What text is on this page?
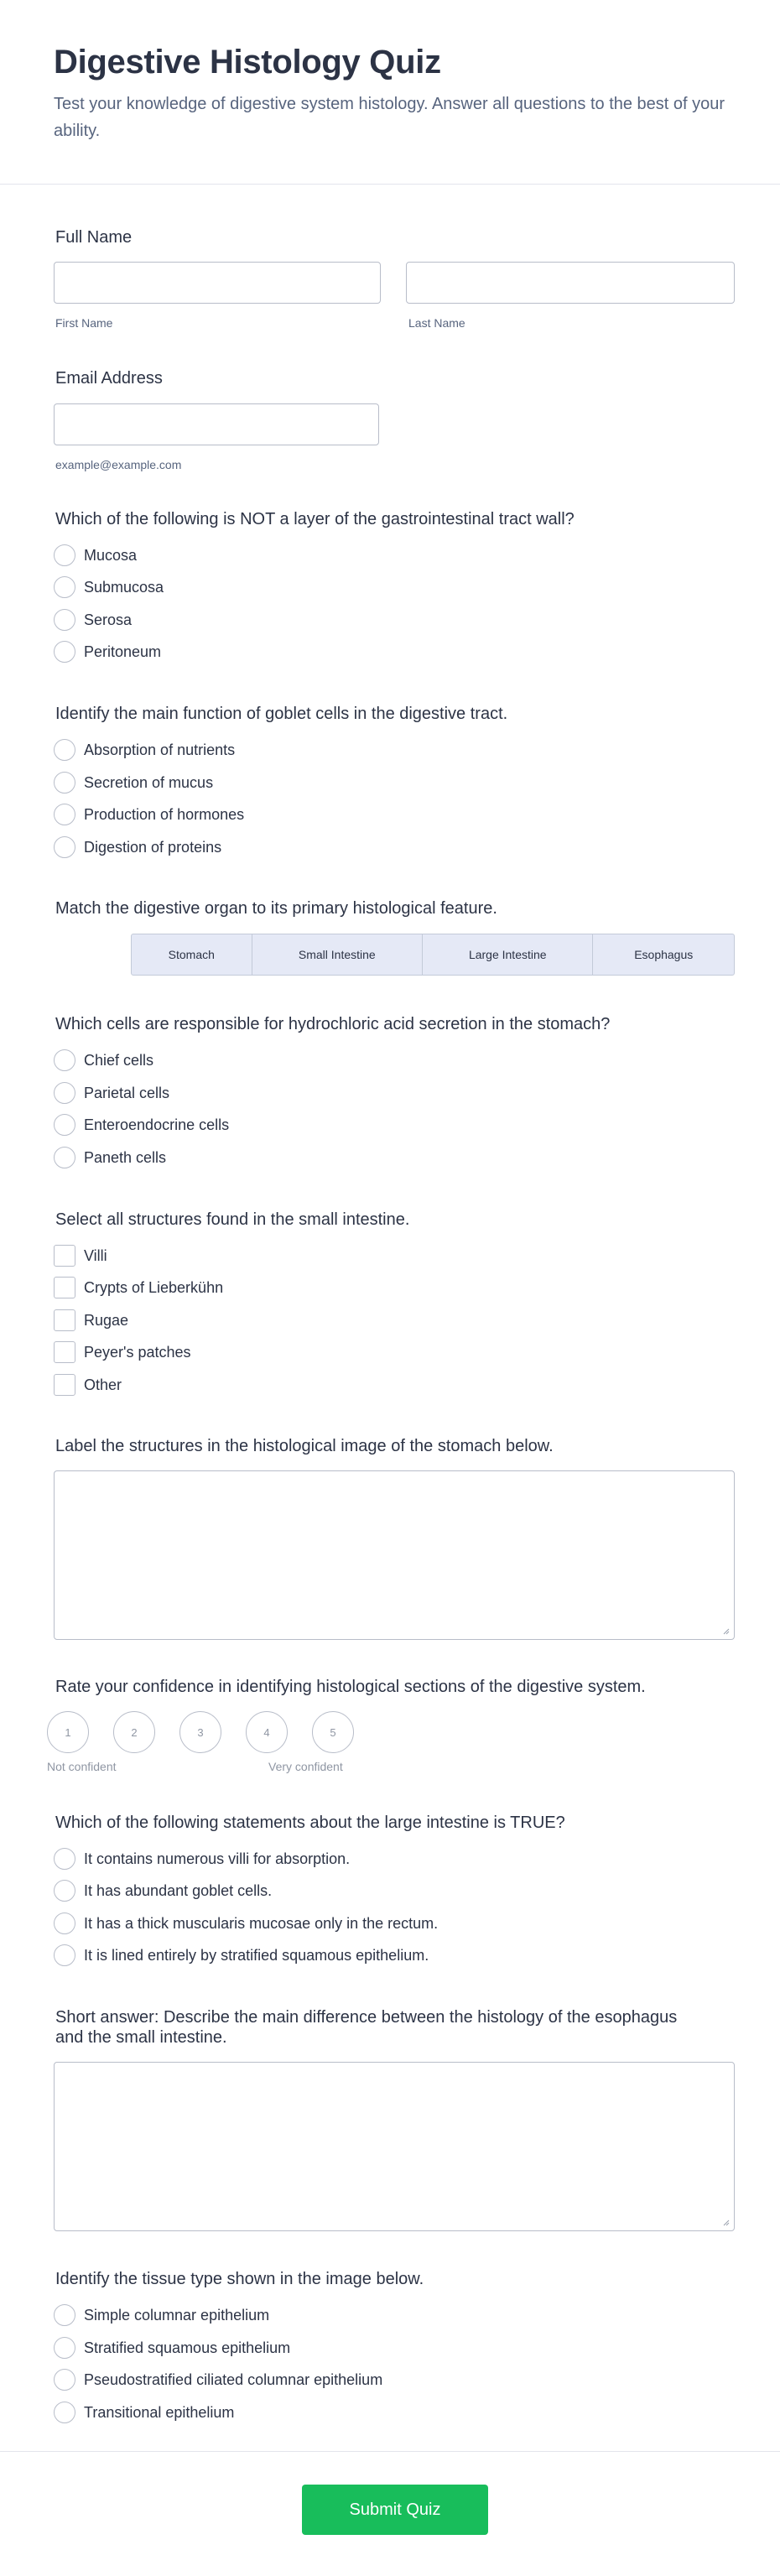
Digestive Histology Quiz
Test your knowledge of digestive system histology. Answer all questions to the best of your ability.
Full Name
First Name	Last Name
Email Address
example@example.com
Which of the following is NOT a layer of the gastrointestinal tract wall?
Mucosa
Submucosa
Serosa
Peritoneum
Identify the main function of goblet cells in the digestive tract.
Absorption of nutrients
Secretion of mucus
Production of hormones
Digestion of proteins
Match the digestive organ to its primary histological feature.
Stomach	Small Intestine	Large Intestine	Esophagus
Which cells are responsible for hydrochloric acid secretion in the stomach?
Chief cells
Parietal cells
Enteroendocrine cells
Paneth cells
Select all structures found in the small intestine.
Villi
Crypts of Lieberkühn
Rugae
Peyer's patches
Other
Label the structures in the histological image of the stomach below.
Rate your confidence in identifying histological sections of the digestive system.
1	2	3	4	5
Not confident	Very confident
Which of the following statements about the large intestine is TRUE?
It contains numerous villi for absorption.
It has abundant goblet cells.
It has a thick muscularis mucosae only in the rectum.
It is lined entirely by stratified squamous epithelium.
Short answer: Describe the main difference between the histology of the esophagus
and the small intestine.
Identify the tissue type shown in the image below.
Simple columnar epithelium
Stratified squamous epithelium
Pseudostratified ciliated columnar epithelium
Transitional epithelium
Submit Quiz
